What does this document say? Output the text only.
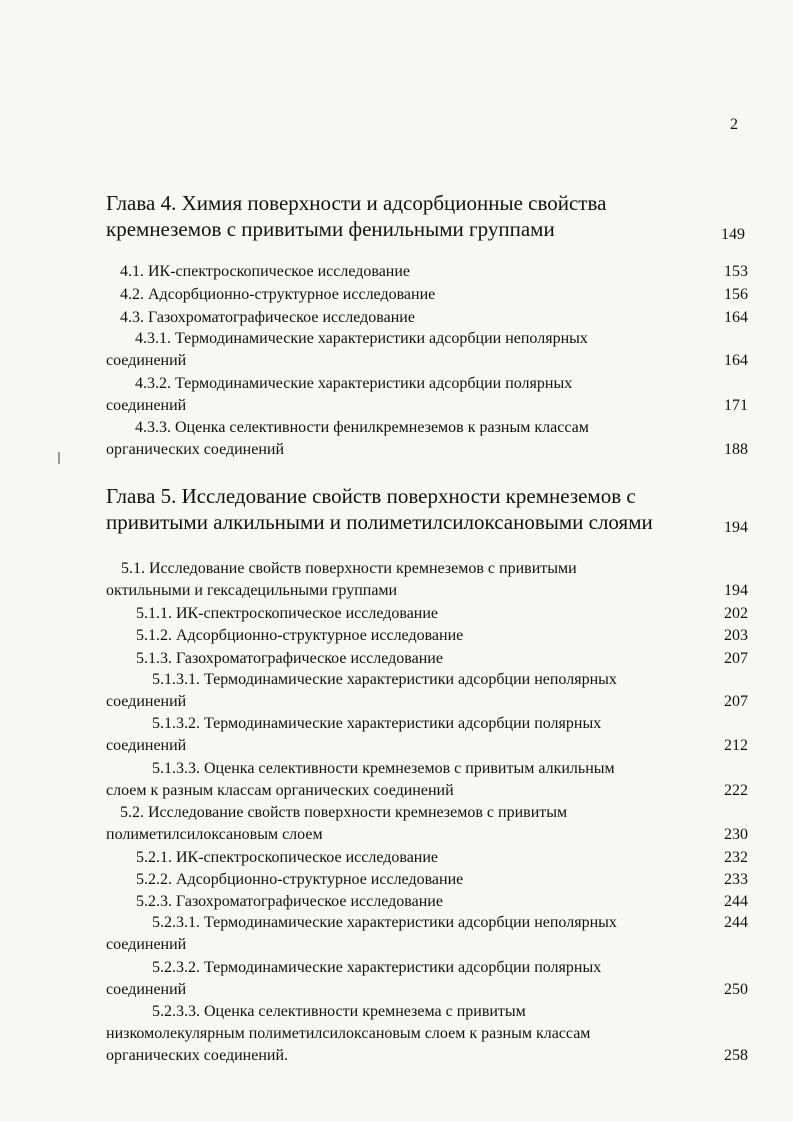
2
Глава 4. Химия поверхности и адсорбционные свойства
кремнеземов с привитыми фенильными группами	149
4.1. ИК-спектроскопическое исследование	153
4.2. Адсорбционно-структурное исследование	156
4.3. Газохроматографическое исследование	164
4.3.1. Термодинамические характеристики адсорбции неполярных
соединений	164
4.3.2. Термодинамические характеристики адсорбции полярных
соединений	171
4.3.3. Оценка селективности фенилкремнеземов к разным классам
органических соединений	188
Глава 5. Исследование свойств поверхности кремнеземов с
привитыми алкильными и полиметилсилоксановыми слоями	194
5.1. Исследование свойств поверхности кремнеземов с привитыми
октильными и гексадецильными группами	194
5.1.1. ИК-спектроскопическое исследование	202
5.1.2. Адсорбционно-структурное исследование	203
5.1.3. Газохроматографическое исследование	207
5.1.3.1. Термодинамические характеристики адсорбции неполярных
соединений	207
5.1.3.2. Термодинамические характеристики адсорбции полярных
соединений	212
5.1.3.3. Оценка селективности кремнеземов с привитым алкильным
слоем к разным классам органических соединений	222
5.2. Исследование свойств поверхности кремнеземов с привитым
полиметилсилоксановым слоем	230
5.2.1. ИК-спектроскопическое исследование	232
5.2.2. Адсорбционно-структурное исследование	233
5.2.3. Газохроматографическое исследование	244
5.2.3.1. Термодинамические характеристики адсорбции неполярных	244
соединений
5.2.3.2. Термодинамические характеристики адсорбции полярных
соединений	250
5.2.3.3. Оценка селективности кремнезема с привитым
низкомолекулярным полиметилсилоксановым слоем к разным классам
органических соединений.	258
